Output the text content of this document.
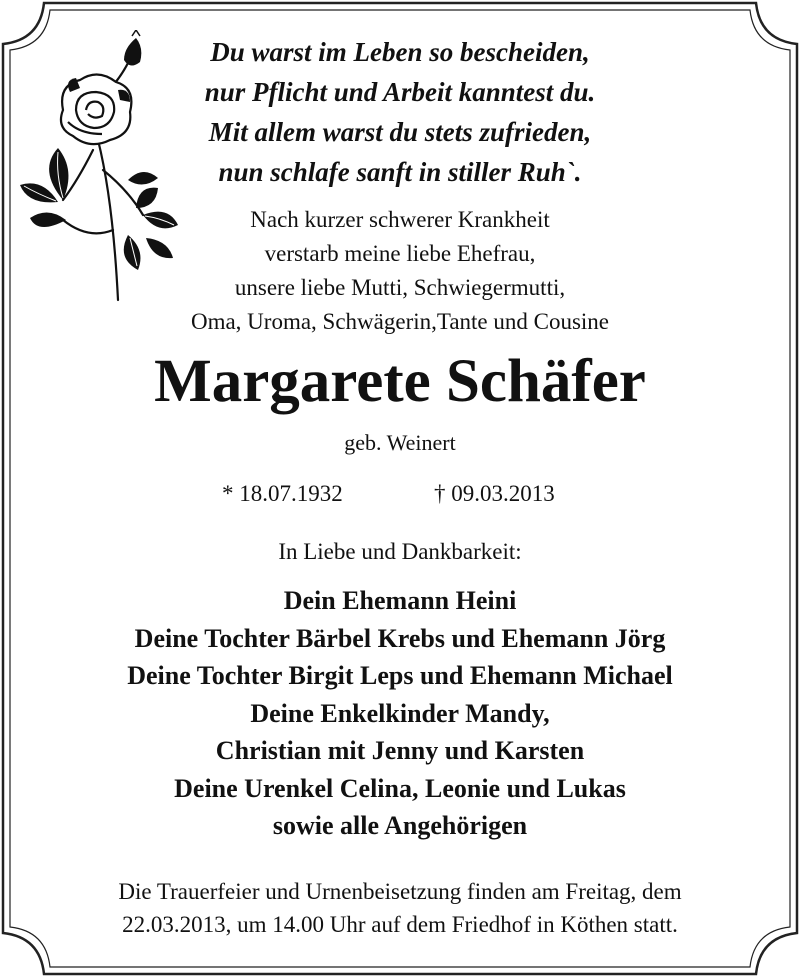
Du warst im Leben so bescheiden,
nur Pflicht und Arbeit kanntest du.
Mit allem warst du stets zufrieden,
nun schlafe sanft in stiller Ruh`.
Nach kurzer schwerer Krankheit
verstarb meine liebe Ehefrau,
unsere liebe Mutti, Schwiegermutti,
Oma, Uroma, Schwägerin,Tante und Cousine
Margarete Schäfer
geb. Weinert
* 18.07.1932	† 09.03.2013
In Liebe und Dankbarkeit:
Dein Ehemann Heini
Deine Tochter Bärbel Krebs und Ehemann Jörg
Deine Tochter Birgit Leps und Ehemann Michael
Deine Enkelkinder Mandy,
Christian mit Jenny und Karsten
Deine Urenkel Celina, Leonie und Lukas
sowie alle Angehörigen
Die Trauerfeier und Urnenbeisetzung finden am Freitag, dem
22.03.2013, um 14.00 Uhr auf dem Friedhof in Köthen statt.
